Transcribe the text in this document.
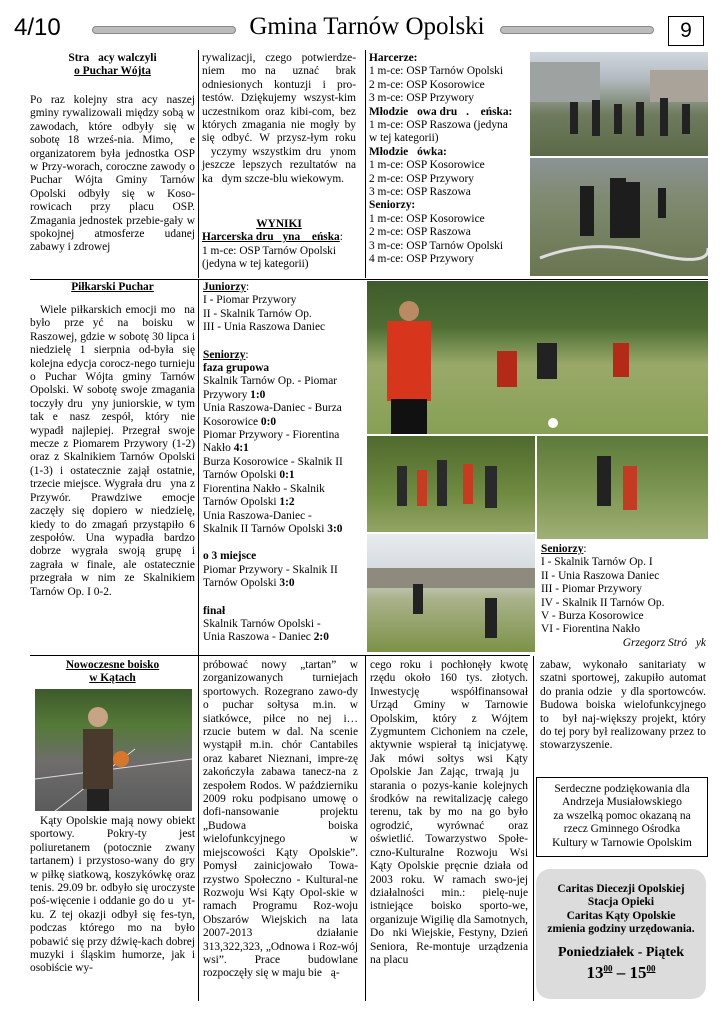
4/10	Gmina Tarnów Opolski	9
Stra acy walczyli
o Puchar Wójta
Po raz kolejny stra acy naszej gminy rywalizowali między sobą w zawodach, które odbyły się w sobotę 18 wrześ-nia. Mimo,  e organizatorem była jednostka OSP w Przy-worach, coroczne zawody o Puchar Wójta Gminy Tarnów Opolski odbyły się w Koso-rowicach przy placu OSP. Zmagania jednostek przebie-gały w spokojnej atmosferze udanej zabawy i zdrowej
rywalizacji, czego potwierdze-niem mo na uznać brak odniesionych kontuzji i pro-testów. Dziękujemy wszyst-kim uczestnikom oraz kibi-com, bez których zmagania nie mogły by się odbyć. W przysz-łym roku  yczymy wszystkim dru ynom jeszcze lepszych rezultatów na ka dym szcze-blu wiekowym.
WYNIKI
Harcerska dru yna  eńska:
1 m-ce: OSP Tarnów Opolski
(jedyna w tej kategorii)
Harcerze:
1 m-ce: OSP Tarnów Opolski
2 m-ce: OSP Kosorowice
3 m-ce: OSP Przywory
Młodzie owa dru .  eńska:
1 m-ce: OSP Raszowa (jedyna
w tej kategorii)
Młodzie ówka:
1 m-ce: OSP Kosorowice
2 m-ce: OSP Przywory
3 m-ce: OSP Raszowa
Seniorzy:
1 m-ce: OSP Kosorowice
2 m-ce: OSP Raszowa
3 m-ce: OSP Tarnów Opolski
4 m-ce: OSP Przywory
Piłkarski Puchar

Wiele piłkarskich emocji mo na było prze yć na boisku w Raszowej, gdzie w sobotę 30 lipca i niedzielę 1 sierpnia od-była się kolejna edycja corocz-nego turnieju o Puchar Wójta gminy Tarnów Opolski. W sobotę swoje zmagania toczyły dru yny juniorskie, w tym tak e nasz zespół, który nie wypadł najlepiej. Przegrał swoje mecze z Piomarem Przywory (1-2) oraz z Skalnikiem Tarnów Opolski (1-3) i ostatecznie zajął ostatnie, trzecie miejsce. Wygrała dru yna z Przywór. Prawdziwe emocje zaczęły się dopiero w niedzielę, kiedy to do zmagań przystąpiło 6 zespołów. Una wypadła bardzo dobrze wygrała swoją grupę i zagrała w finale, ale ostatecznie przegrała w nim ze Skalnikiem Tarnów Op. I 0-2.

Juniorzy:
I - Piomar Przywory
II - Skalnik Tarnów Op.
III - Unia Raszowa Daniec
Seniorzy:
faza grupowa
Skalnik Tarnów Op. - Piomar
Przywory 1:0
Unia Raszowa-Daniec - Burza
Kosorowice 0:0
Piomar Przywory - Fiorentina
Nakło 4:1
Burza Kosorowice - Skalnik II
Tarnów Opolski 0:1
Fiorentina Nakło - Skalnik
Tarnów Opolski 1:2
Unia Raszowa-Daniec -
Skalnik II Tarnów Opolski 3:0
o 3 miejsce
Piomar Przywory - Skalnik II
Tarnów Opolski 3:0
finał
Skalnik Tarnów Opolski -
Unia Raszowa - Daniec 2:0
Seniorzy:
I - Skalnik Tarnów Op. I
II - Unia Raszowa Daniec
III - Piomar Przywory
IV - Skalnik II Tarnów Op.
V - Burza Kosorowice
VI - Fiorentina Nakło
Grzegorz Stró yk
Nowoczesne boisko
w Kątach

Kąty Opolskie mają nowy obiekt sportowy. Pokry-ty jest poliuretanem (potocznie zwany tartanem) i przystoso-wany do gry w piłkę siatkową, koszykówkę oraz tenis. 29.09 br. odbyło się uroczyste poś-więcenie i oddanie go do u yt-ku. Z tej okazji odbył się fes-tyn, podczas którego mo na było pobawić się przy dźwię-kach dobrej muzyki i śląskim humorze, jak i osobiście wy-

próbować nowy „tartan” w zorganizowanych turniejach sportowych. Rozegrano zawo-dy o puchar sołtysa m.in. w siatkówce, piłce no nej i… rzucie butem w dal. Na scenie wystąpił m.in. chór Cantabiles oraz kabaret Nieznani, impre-zę zakończyła zabawa tanecz-na z zespołem Rodos. W październiku 2009 roku podpisano umowę o dofi-nansowanie projektu „Budowa boiska wielofunkcyjnego w miejscowości Kąty Opolskie”. Pomysł zainicjowało Towa-rzystwo Społeczno - Kultural-ne Rozwoju Wsi Kąty Opol-skie w ramach Programu Roz-woju Obszarów Wiejskich na lata 2007-2013 działanie 313,322,323, „Odnowa i Roz-wój wsi”. Prace budowlane rozpoczęły się w maju bie ą-
cego roku i pochłonęły kwotę rzędu około 160 tys. złotych. Inwestycję współfinansował Urząd Gminy w Tarnowie Opolskim, który z Wójtem Zygmuntem Cichoniem na czele, aktywnie wspierał tą inicjatywę. Jak mówi sołtys wsi Kąty Opolskie Jan Zając, trwają ju  starania o pozys-kanie kolejnych środków na rewitalizację całego terenu, tak by mo na go było ogrodzić, wyrównać oraz oświetlić. Towarzystwo Społe-czno-Kulturalne Rozwoju Wsi Kąty Opolskie pręcnie działa od 2003 roku. W ramach swo-jej działalności min.: pielę-nuje istniejące boisko sporto-we, organizuje Wigilię dla Samotnych, Do nki Wiejskie, Festyny, Dzień Seniora, Re-montuje urządzenia na placu
zabaw, wykonało sanitariaty w szatni sportowej, zakupiło automat do prania odzie y dla sportowców. Budowa boiska wielofunkcyjnego to  był naj-większy projekt, który do tej pory był realizowany przez to stowarzyszenie.
Serdeczne podziękowania dla
Andrzeja Musiałowskiego
za wszelką pomoc okazaną na
rzecz Gminnego Ośrodka
Kultury w Tarnowie Opolskim
Caritas Diecezji Opolskiej
Stacja Opieki
Caritas Kąty Opolskie
zmienia godziny urzędowania.
Poniedziałek - Piątek
$13^{00} - 15^{00}$
